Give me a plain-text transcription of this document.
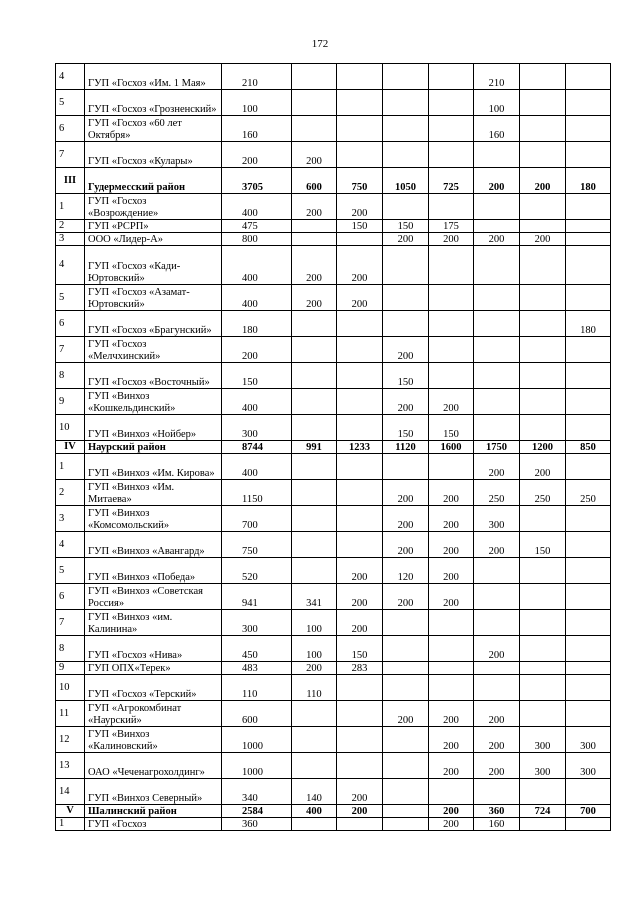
172
4	ГУП «Госхоз «Им. 1 Мая»	210					210		
5	ГУП «Госхоз «Грозненский»	100					100		
6	ГУП «Госхоз «60 лет Октября»	160					160		
7	ГУП «Госхоз «Кулары»	200	200						
III	Гудермесский район	3705	600	750	1050	725	200	200	180
1	ГУП «Госхоз «Возрождение»	400	200	200					
2	ГУП «РСРП»	475		150	150	175			
3	ООО «Лидер-А»	800			200	200	200	200	
4	ГУП «Госхоз «Кади-Юртовский»	400	200	200					
5	ГУП «Госхоз «Азамат-Юртовский»	400	200	200					
6	ГУП «Госхоз «Брагунский»	180							180
7	ГУП «Госхоз «Мелчхинский»	200			200				
8	ГУП «Госхоз «Восточный»	150			150				
9	ГУП «Винхоз «Кошкельдинский»	400			200	200			
10	ГУП «Винхоз «Нойбер»	300			150	150			
IV	Наурский район	8744	991	1233	1120	1600	1750	1200	850
1	ГУП «Винхоз «Им. Кирова»	400					200	200	
2	ГУП «Винхоз «Им. Митаева»	1150			200	200	250	250	250
3	ГУП «Винхоз «Комсомольский»	700			200	200	300		
4	ГУП «Винхоз «Авангард»	750			200	200	200	150	
5	ГУП «Винхоз «Победа»	520		200	120	200			
6	ГУП «Винхоз «Советская Россия»	941	341	200	200	200			
7	ГУП «Винхоз «им. Калинина»	300	100	200					
8	ГУП «Госхоз «Нива»	450	100	150			200		
9	ГУП ОПХ«Терек»	483	200	283					
10	ГУП «Госхоз «Терский»	110	110						
11	ГУП «Агрокомбинат «Наурский»	600			200	200	200		
12	ГУП «Винхоз «Калиновский»	1000				200	200	300	300
13	ОАО «Чеченагрохолдинг»	1000				200	200	300	300
14	ГУП «Винхоз Северный»	340	140	200					
V	Шалинский район	2584	400	200		200	360	724	700
1	ГУП «Госхоз	360				200	160		
